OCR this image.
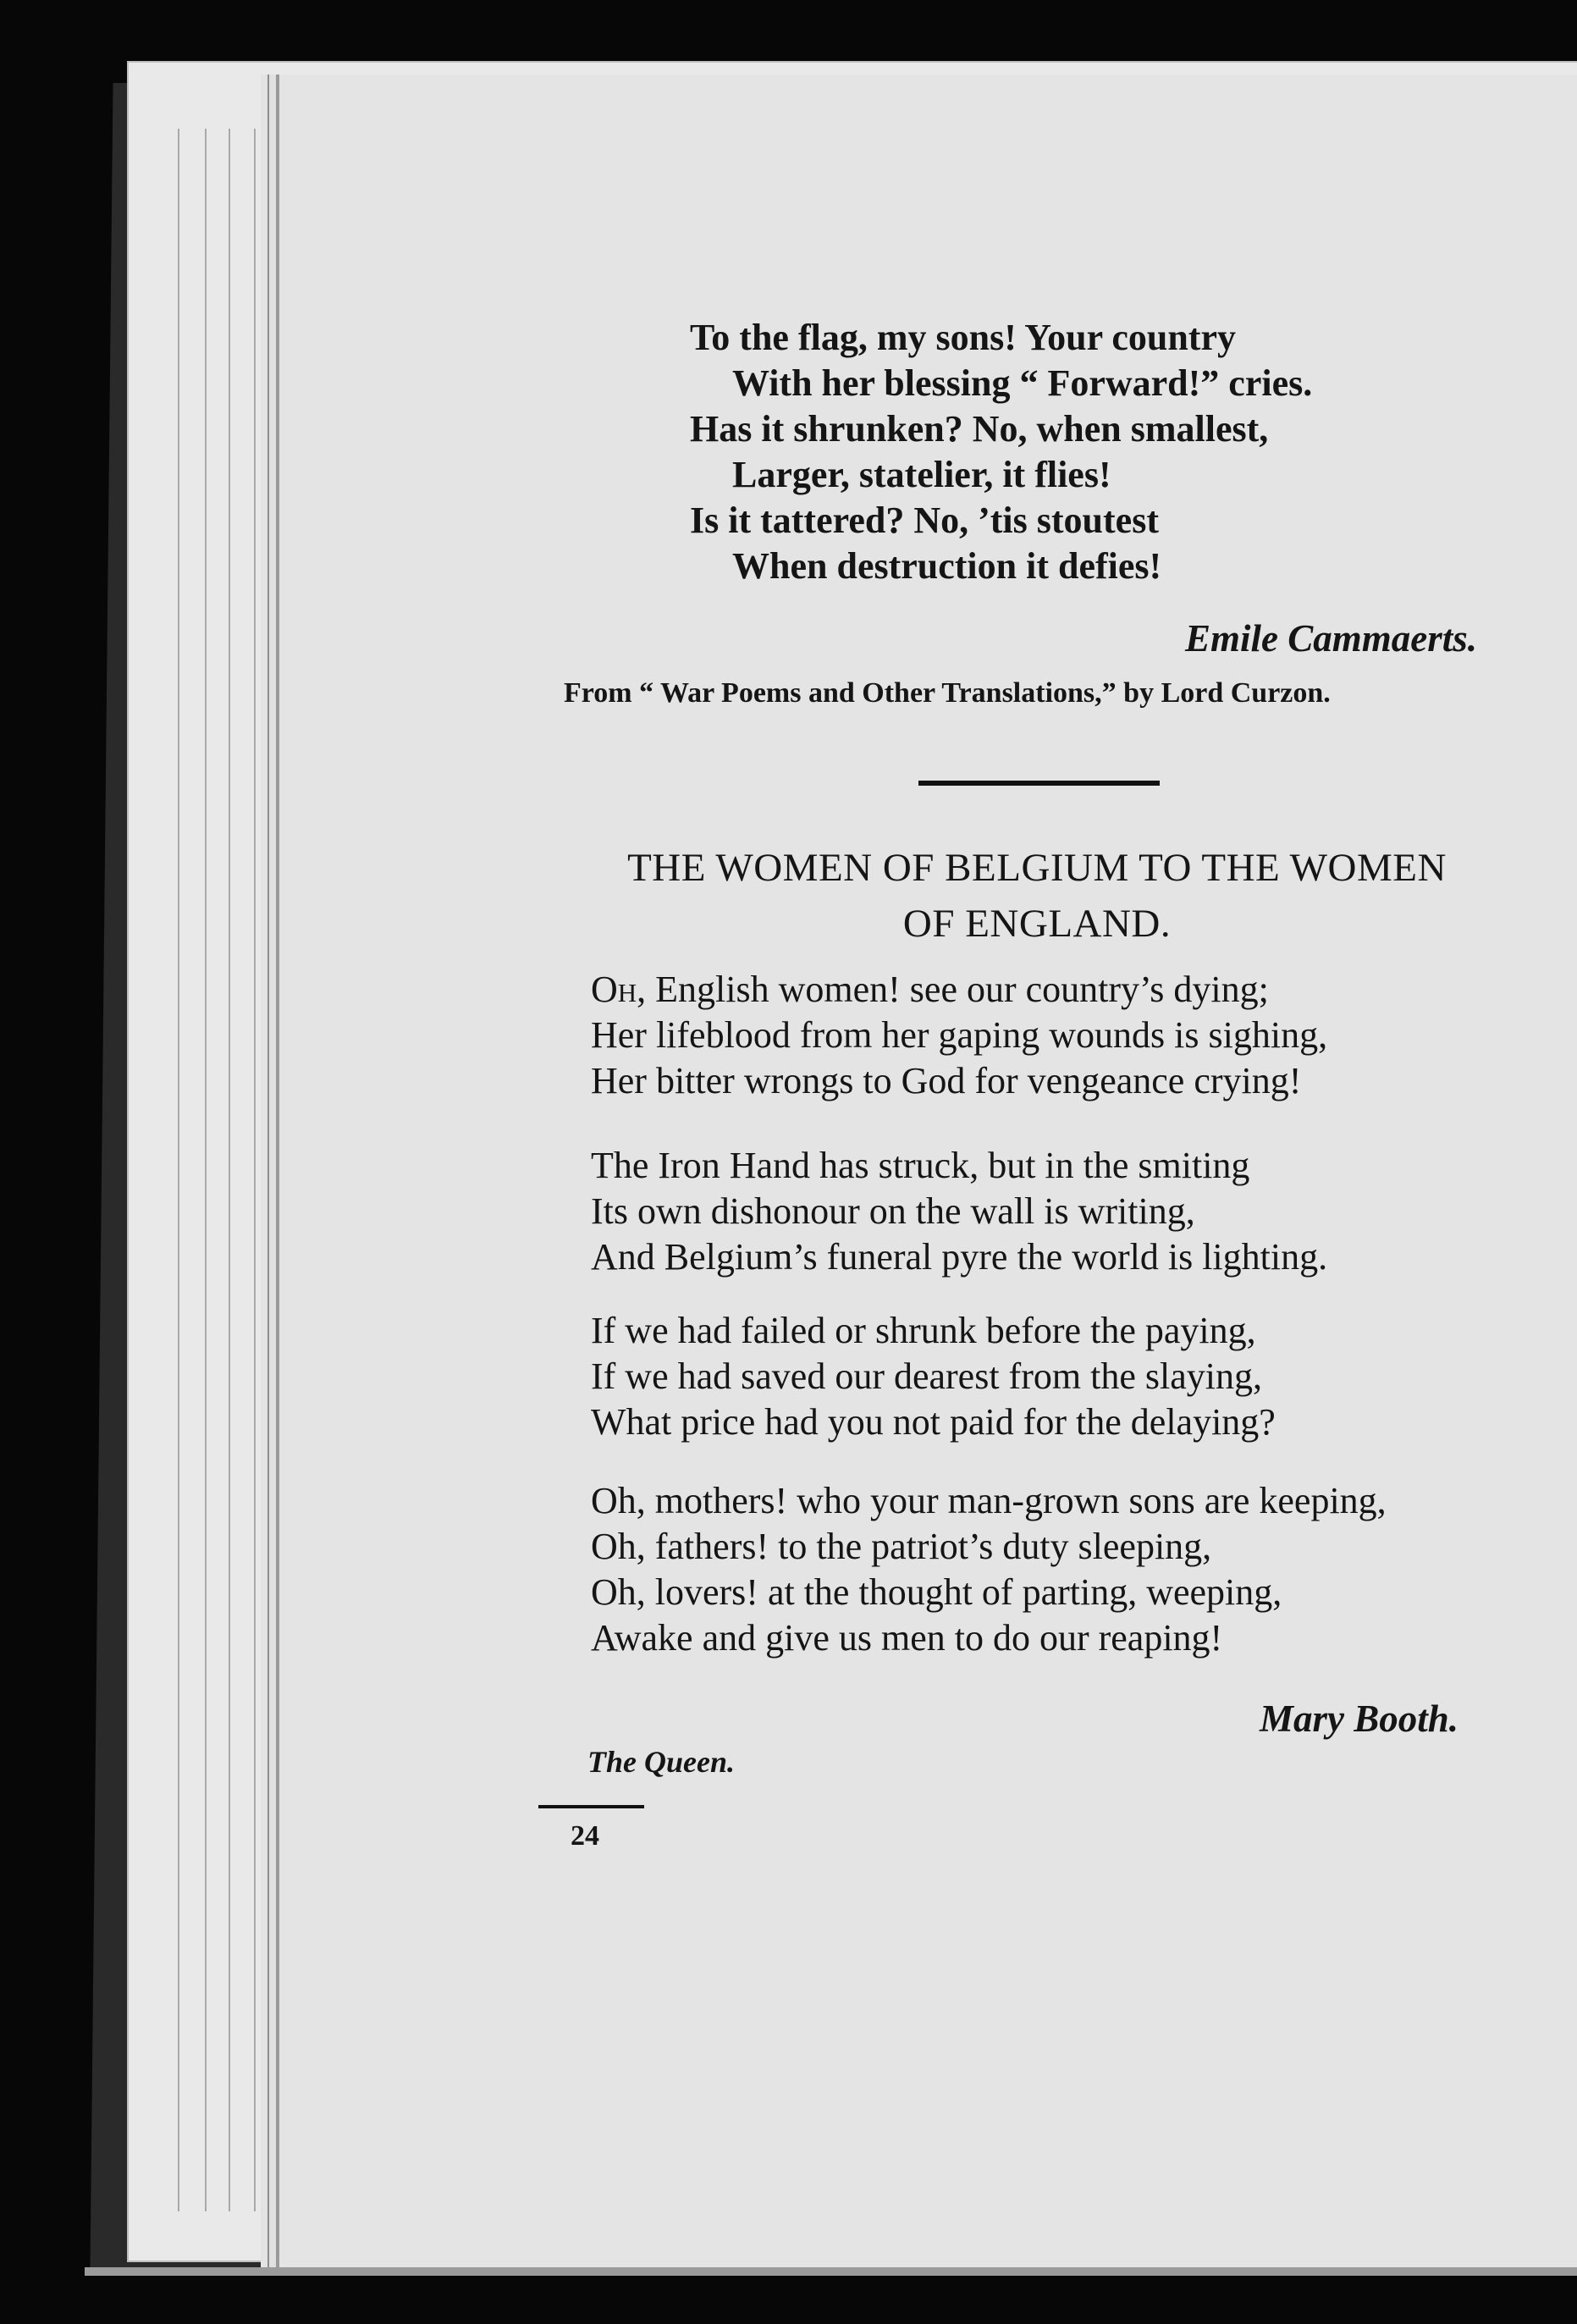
To the flag, my sons! Your country
With her blessing “ Forward!” cries.
Has it shrunken? No, when smallest,
Larger, statelier, it flies!
Is it tattered? No, ’tis stoutest
When destruction it defies!
Emile Cammaerts.
From “ War Poems and Other Translations,” by Lord Curzon.
THE WOMEN OF BELGIUM TO THE WOMEN
OF ENGLAND.
Oh, English women! see our country’s dying;
Her lifeblood from her gaping wounds is sighing,
Her bitter wrongs to God for vengeance crying!
The Iron Hand has struck, but in the smiting
Its own dishonour on the wall is writing,
And Belgium’s funeral pyre the world is lighting.
If we had failed or shrunk before the paying,
If we had saved our dearest from the slaying,
What price had you not paid for the delaying?
Oh, mothers! who your man-grown sons are keeping,
Oh, fathers! to the patriot’s duty sleeping,
Oh, lovers! at the thought of parting, weeping,
Awake and give us men to do our reaping!
Mary Booth.
The Queen.
24
